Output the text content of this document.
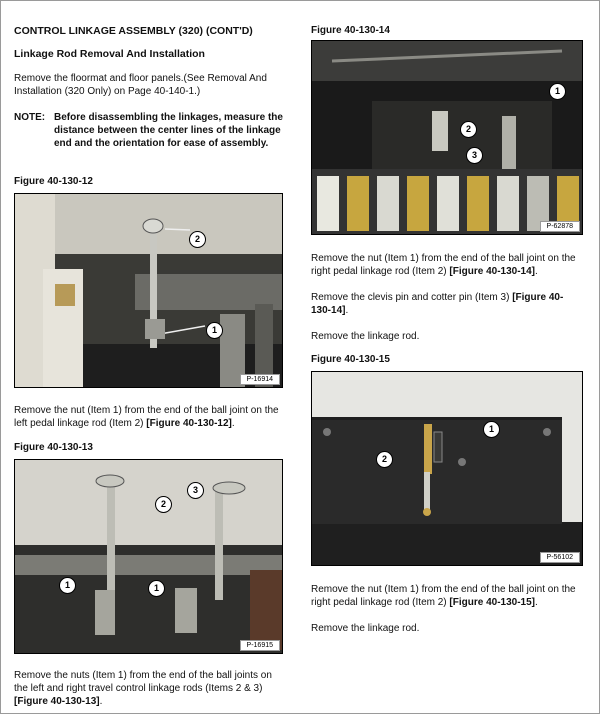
CONTROL LINKAGE ASSEMBLY (320) (CONT'D)
Linkage Rod Removal And Installation
Remove the floormat and floor panels.(See Removal And Installation (320 Only) on Page 40-140-1.)
NOTE: Before disassembling the linkages, measure the distance between the center lines of the linkage end and the orientation for ease of assembly.
Figure 40-130-12
2
1
P-16914
Remove the nut (Item 1) from the end of the ball joint on the left pedal linkage rod (Item 2) [Figure 40-130-12].
Figure 40-130-13
2
3
1	1
P-16915
Remove the nuts (Item 1) from the end of the ball joints on the left and right travel control linkage rods (Items 2 & 3) [Figure 40-130-13].
Figure 40-130-14
1
2
3
P-62878
Remove the nut (Item 1) from the end of the ball joint on the right pedal linkage rod (Item 2) [Figure 40-130-14].
Remove the clevis pin and cotter pin (Item 3) [Figure 40-130-14].
Remove the linkage rod.
Figure 40-130-15
1
2
P-56102
Remove the nut (Item 1) from the end of the ball joint on the right pedal linkage rod (Item 2) [Figure 40-130-15].
Remove the linkage rod.
